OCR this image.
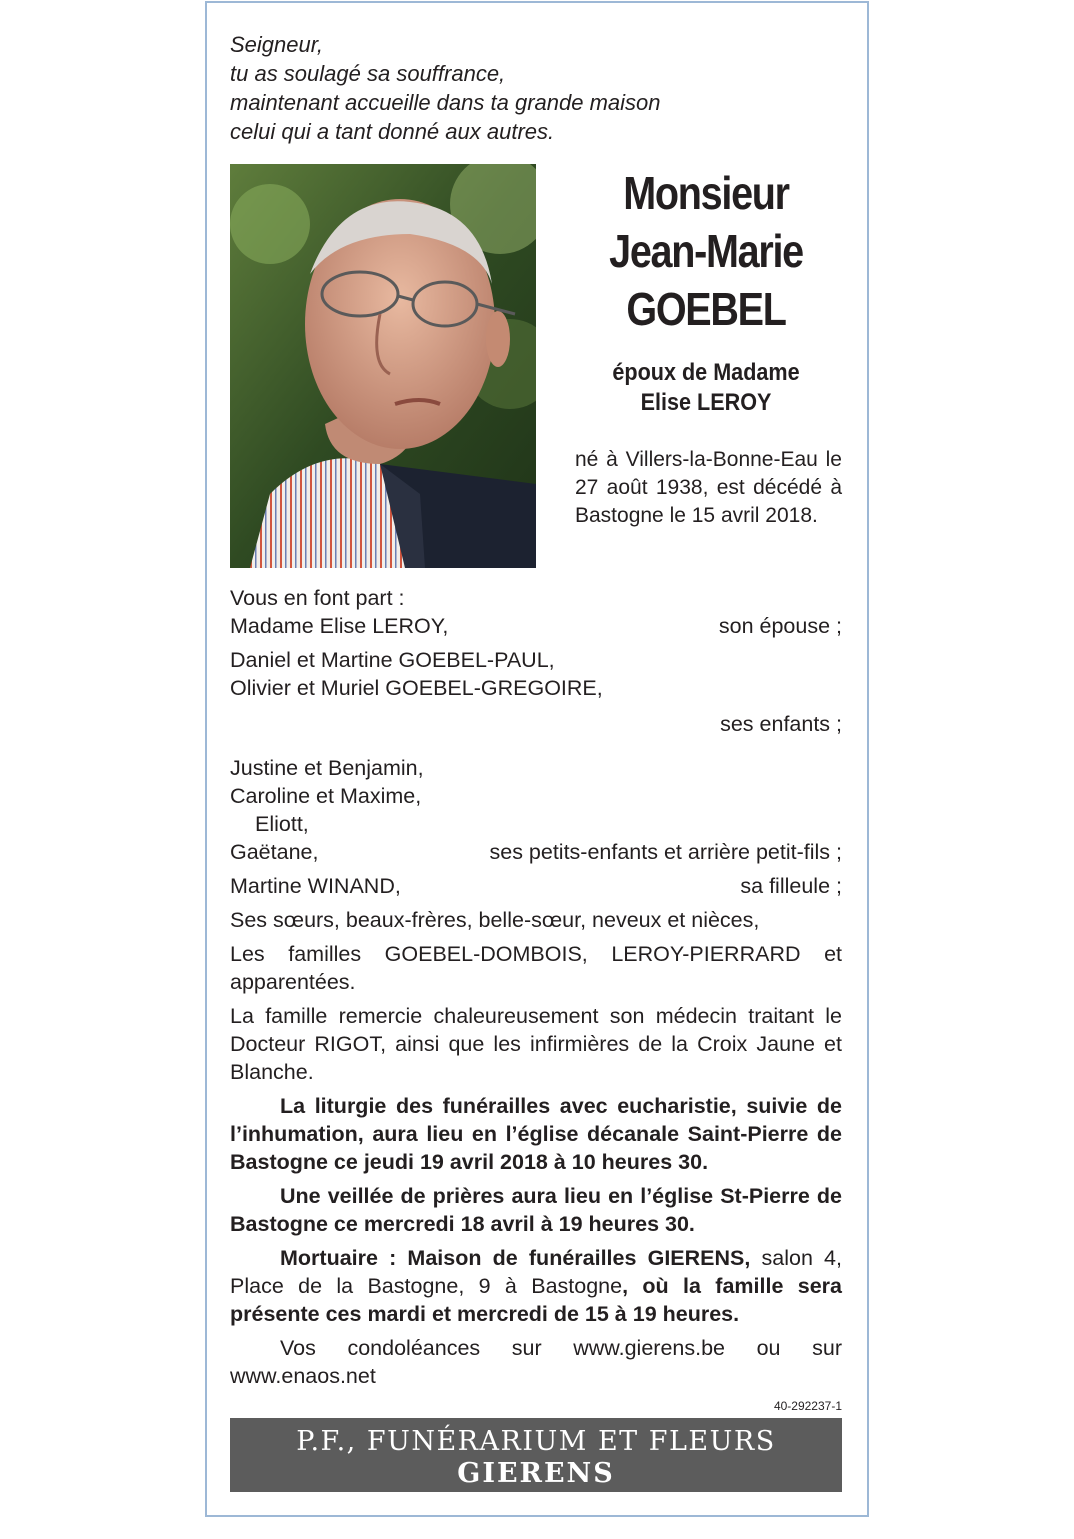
Seigneur,
tu as soulagé sa souffrance,
maintenant accueille dans ta grande maison
celui qui a tant donné aux autres.
Monsieur
Jean-Marie
GOEBEL
époux de Madame
Elise LEROY
né à Villers-la-Bonne-Eau le 27 août 1938, est décédé à Bastogne le 15 avril 2018.
Vous en font part :
Madame Elise LEROY,	son épouse ;
Daniel et Martine GOEBEL-PAUL,
Olivier et Muriel GOEBEL-GREGOIRE,
ses enfants ;
Justine et Benjamin,
Caroline et Maxime,
Eliott,
Gaëtane,	ses petits-enfants et arrière petit-fils ;
Martine WINAND,	sa filleule ;
Ses sœurs, beaux-frères, belle-sœur, neveux et nièces,
Les familles GOEBEL-DOMBOIS, LEROY-PIERRARD et apparentées.
La famille remercie chaleureusement son médecin traitant le Docteur RIGOT, ainsi que les infirmières de la Croix Jaune et Blanche.
La liturgie des funérailles avec eucharistie, suivie de l’inhumation, aura lieu en l’église décanale Saint-Pierre de Bastogne ce jeudi 19 avril 2018 à 10 heures 30.
Une veillée de prières aura lieu en l’église St-Pierre de Bastogne ce mercredi 18 avril à 19 heures 30.
Mortuaire : Maison de funérailles GIERENS, salon 4, Place de la Bastogne, 9 à Bastogne, où la famille sera présente ces mardi et mercredi de 15 à 19 heures.
Vos condoléances sur www.gierens.be ou sur www.enaos.net
40-292237-1
P.F., FUNÉRARIUM ET FLEURS GIERENS
BASTOGNE - 061 21 24 82 - 061 21 13 87 - WWW.GIERENS.BE
